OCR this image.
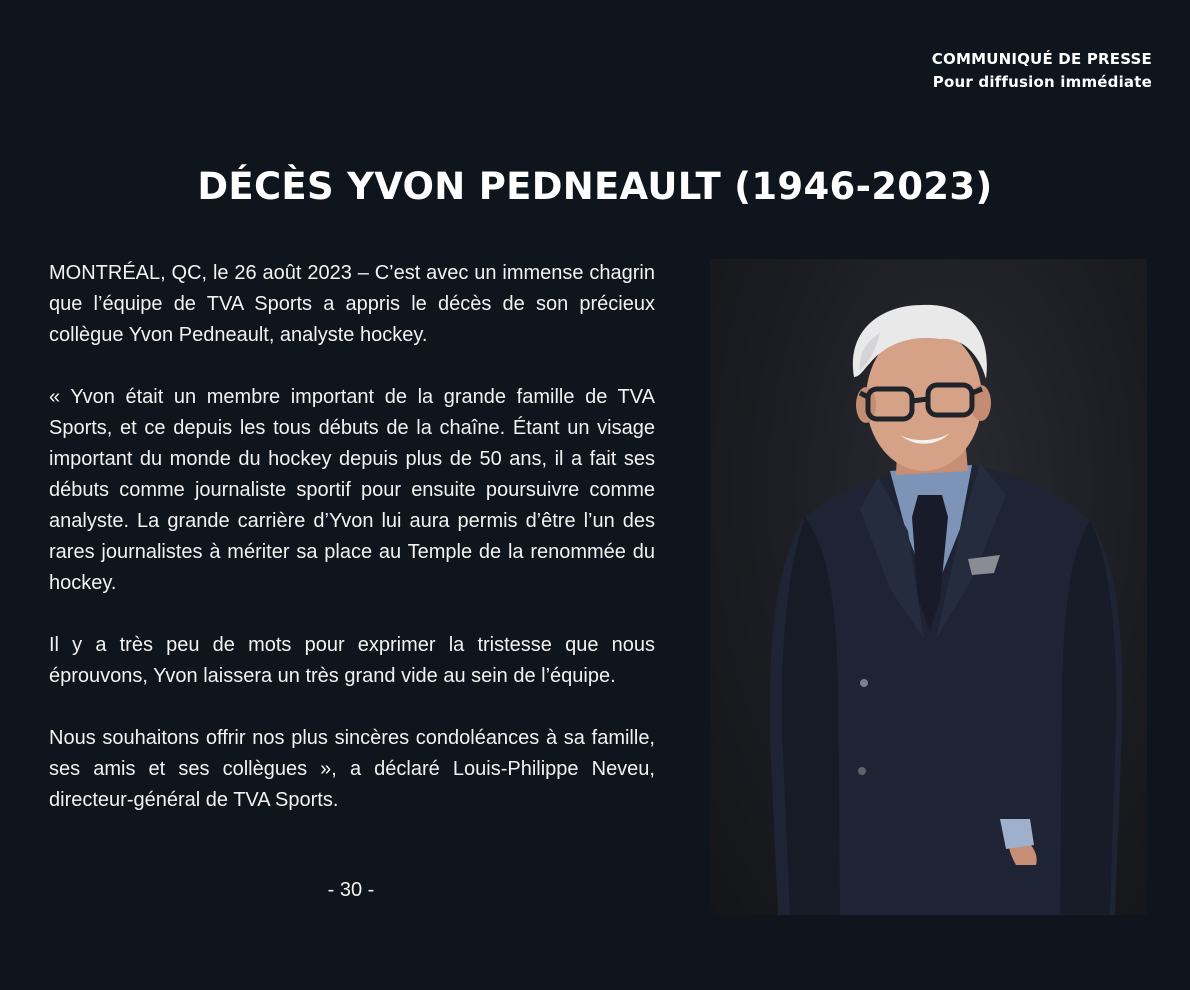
COMMUNIQUÉ DE PRESSE
Pour diffusion immédiate
DÉCÈS YVON PEDNEAULT (1946-2023)

MONTRÉAL, QC, le 26 août 2023 – C’est avec un immense chagrin que l’équipe de TVA Sports a appris le décès de son précieux collègue Yvon Pedneault, analyste hockey.

« Yvon était un membre important de la grande famille de TVA Sports, et ce depuis les tous débuts de la chaîne. Étant un visage important du monde du hockey depuis plus de 50 ans, il a fait ses débuts comme journaliste sportif pour ensuite poursuivre comme analyste. La grande carrière d’Yvon lui aura permis d’être l’un des rares journalistes à mériter sa place au Temple de la renommée du hockey.

Il y a très peu de mots pour exprimer la tristesse que nous éprouvons, Yvon laissera un très grand vide au sein de l’équipe.

Nous souhaitons offrir nos plus sincères condoléances à sa famille, ses amis et ses collègues », a déclaré Louis-Philippe Neveu, directeur-général de TVA Sports.

- 30 -
